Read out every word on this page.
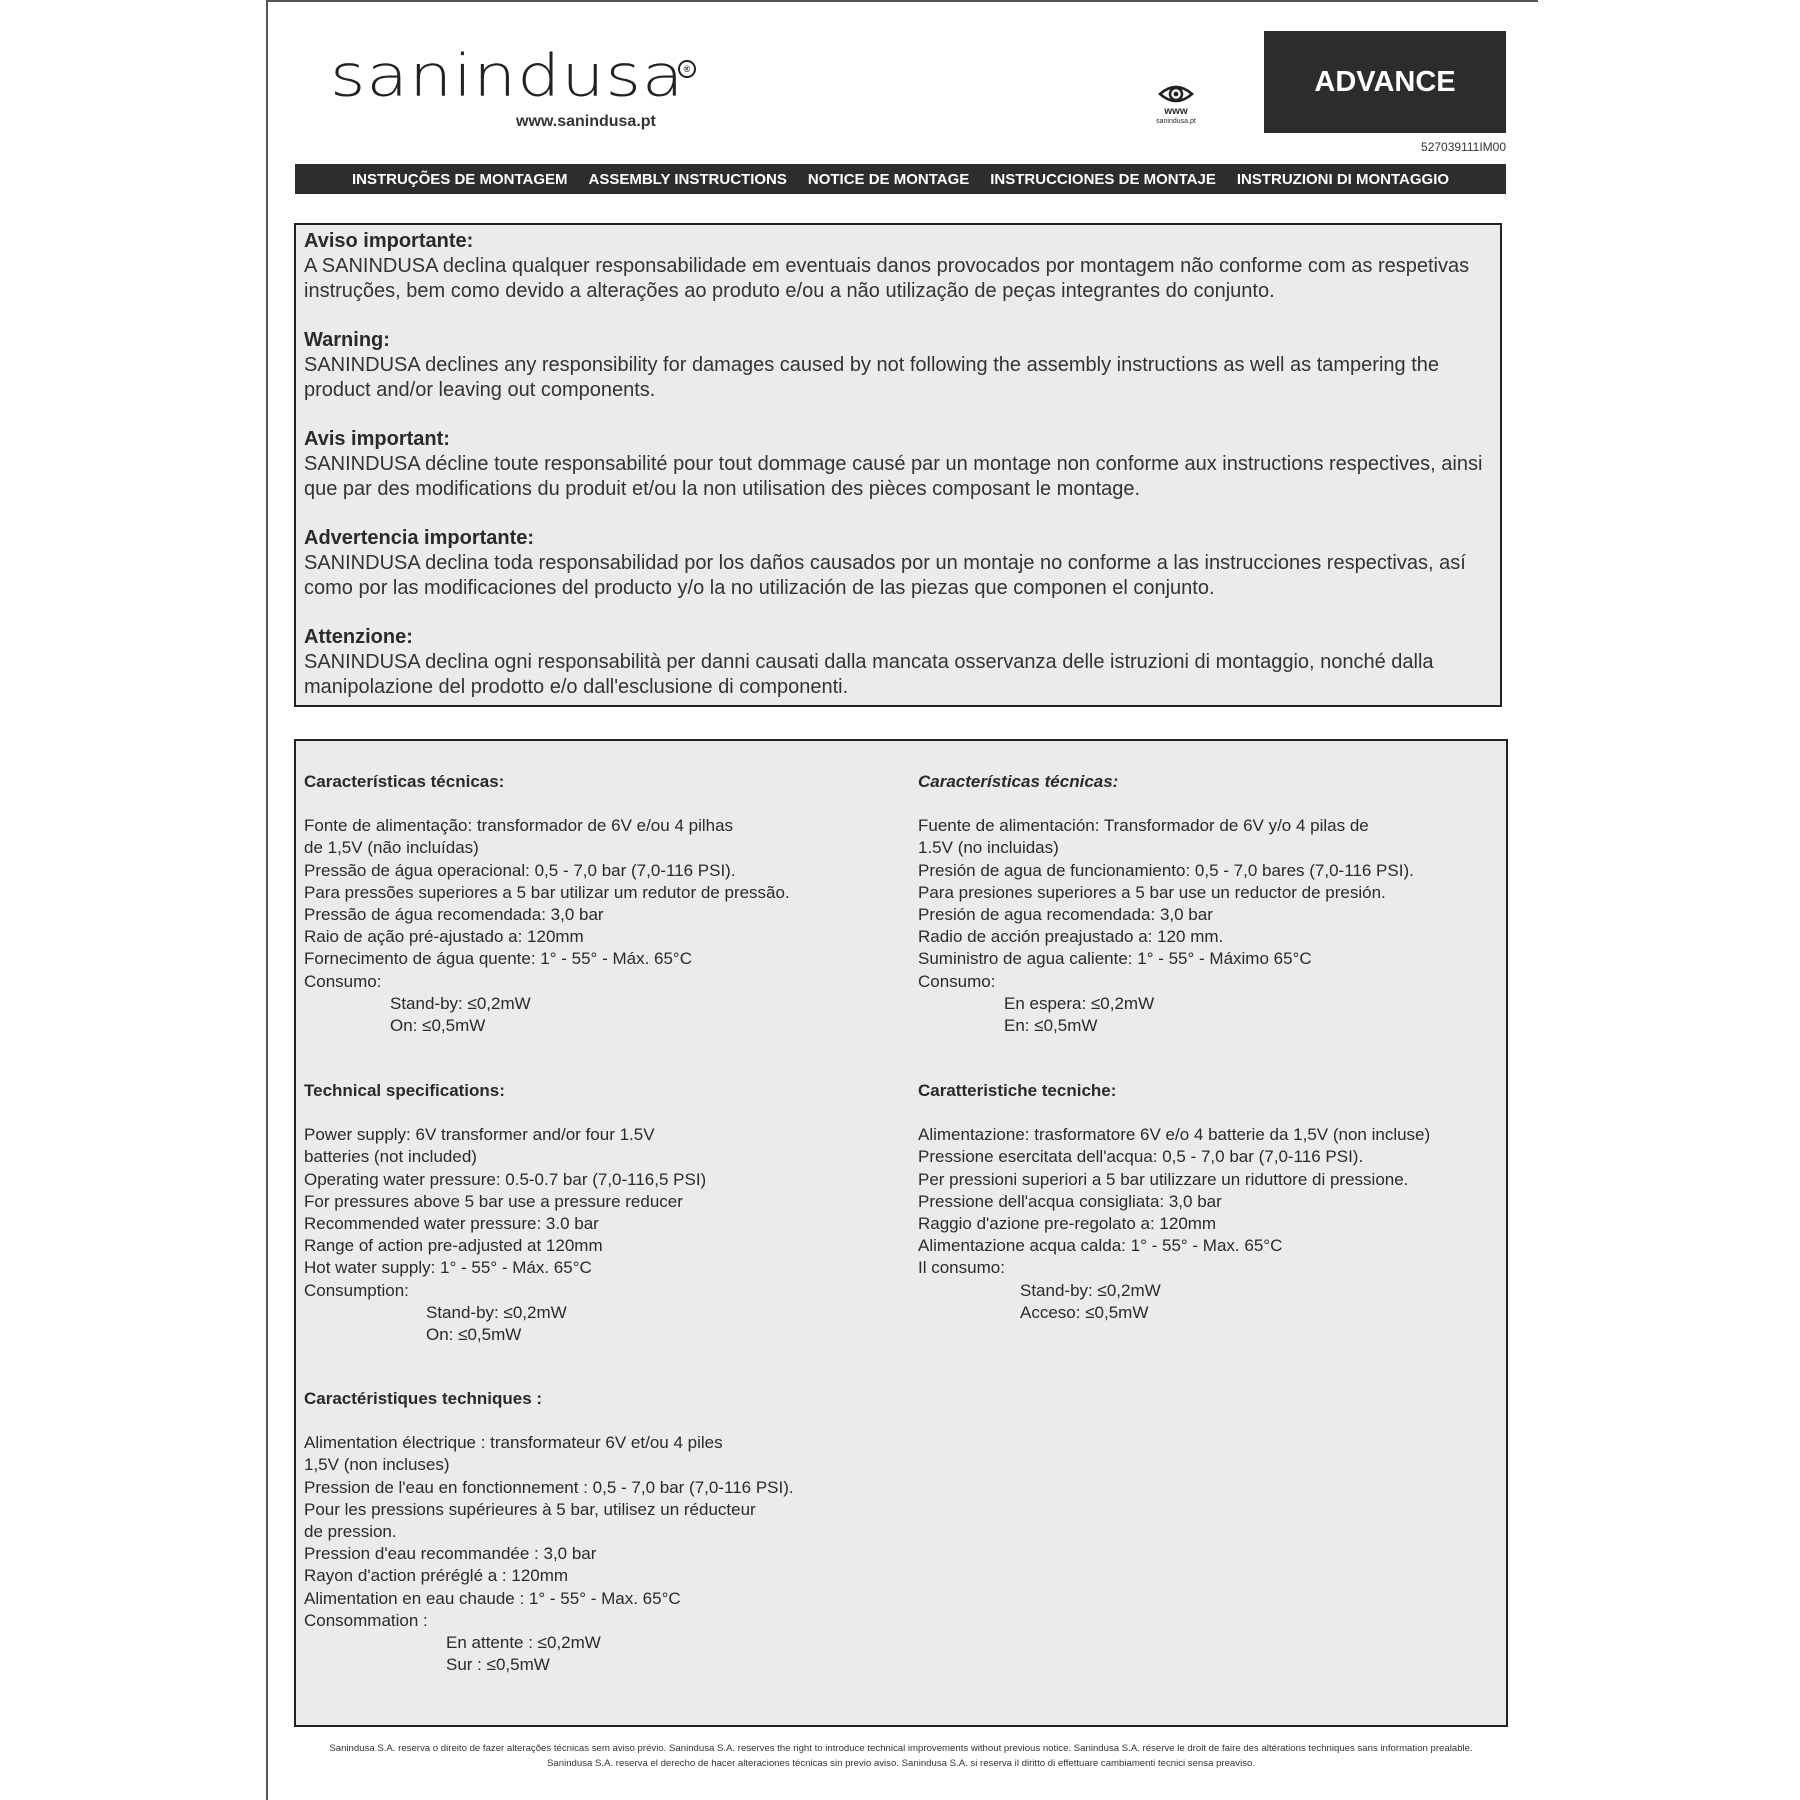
sanindusa ®
www.sanindusa.pt
www
sanindusa.pt
ADVANCE
527039111IM00
INSTRUÇÕES DE MONTAGEM ASSEMBLY INSTRUCTIONS NOTICE DE MONTAGE INSTRUCCIONES DE MONTAJE INSTRUZIONI DI MONTAGGIO
Aviso importante:
A SANINDUSA declina qualquer responsabilidade em eventuais danos provocados por montagem não conforme com as respetivas instruções, bem como devido a alterações ao produto e/ou a não utilização de peças integrantes do conjunto.
Warning:
SANINDUSA declines any responsibility for damages caused by not following the assembly instructions as well as tampering the product and/or leaving out components.
Avis important:
SANINDUSA décline toute responsabilité pour tout dommage causé par un montage non conforme aux instructions respectives, ainsi que par des modifications du produit et/ou la non utilisation des pièces composant le montage.
Advertencia importante:
SANINDUSA declina toda responsabilidad por los daños causados por un montaje no conforme a las instrucciones respectivas, así como por las modificaciones del producto y/o la no utilización de las piezas que componen el conjunto.
Attenzione:
SANINDUSA declina ogni responsabilità per danni causati dalla mancata osservanza delle istruzioni di montaggio, nonché dalla manipolazione del prodotto e/o dall'esclusione di componenti.
Características técnicas:
Fonte de alimentação: transformador de 6V e/ou 4 pilhas
de 1,5V (não incluídas)
Pressão de água operacional: 0,5 - 7,0 bar (7,0-116 PSI).
Para pressões superiores a 5 bar utilizar um redutor de pressão.
Pressão de água recomendada: 3,0 bar
Raio de ação pré-ajustado a: 120mm
Fornecimento de água quente: 1° - 55° - Máx. 65°C
Consumo:
Stand-by: ≤0,2mW
On: ≤0,5mW
Características técnicas:
Fuente de alimentación: Transformador de 6V y/o 4 pilas de
1.5V (no incluidas)
Presión de agua de funcionamiento: 0,5 - 7,0 bares (7,0-116 PSI).
Para presiones superiores a 5 bar use un reductor de presión.
Presión de agua recomendada: 3,0 bar
Radio de acción preajustado a: 120 mm.
Suministro de agua caliente: 1° - 55° - Máximo 65°C
Consumo:
En espera: ≤0,2mW
En: ≤0,5mW
Technical specifications:
Power supply: 6V transformer and/or four 1.5V
batteries (not included)
Operating water pressure: 0.5-0.7 bar (7,0-116,5 PSI)
For pressures above 5 bar use a pressure reducer
Recommended water pressure: 3.0 bar
Range of action pre-adjusted at 120mm
Hot water supply: 1° - 55° - Máx. 65°C
Consumption:
Stand-by: ≤0,2mW
On: ≤0,5mW
Caratteristiche tecniche:
Alimentazione: trasformatore 6V e/o 4 batterie da 1,5V (non incluse)
Pressione esercitata dell'acqua: 0,5 - 7,0 bar (7,0-116 PSI).
Per pressioni superiori a 5 bar utilizzare un riduttore di pressione.
Pressione dell'acqua consigliata: 3,0 bar
Raggio d'azione pre-regolato a: 120mm
Alimentazione acqua calda: 1° - 55° - Max. 65°C
Il consumo:
Stand-by: ≤0,2mW
Acceso: ≤0,5mW
Caractéristiques techniques :
Alimentation électrique : transformateur 6V et/ou 4 piles
1,5V (non incluses)
Pression de l'eau en fonctionnement : 0,5 - 7,0 bar (7,0-116 PSI).
Pour les pressions supérieures à 5 bar, utilisez un réducteur
de pression.
Pression d'eau recommandée : 3,0 bar
Rayon d'action préréglé a : 120mm
Alimentation en eau chaude : 1° - 55° - Max. 65°C
Consommation :
En attente : ≤0,2mW
Sur : ≤0,5mW
Sanindusa S.A. reserva o direito de fazer alterações técnicas sem aviso prévio. Sanindusa S.A. reserves the right to introduce technical improvements without previous notice. Sanindusa S.A. réserve le droit de faire des altérations techniques sans information prealable.
Sanindusa S.A. reserva el derecho de hacer alteraciones técnicas sin previo aviso. Sanindusa S.A. si reserva il diritto di effettuare cambiamenti tecnici sensa preaviso.
